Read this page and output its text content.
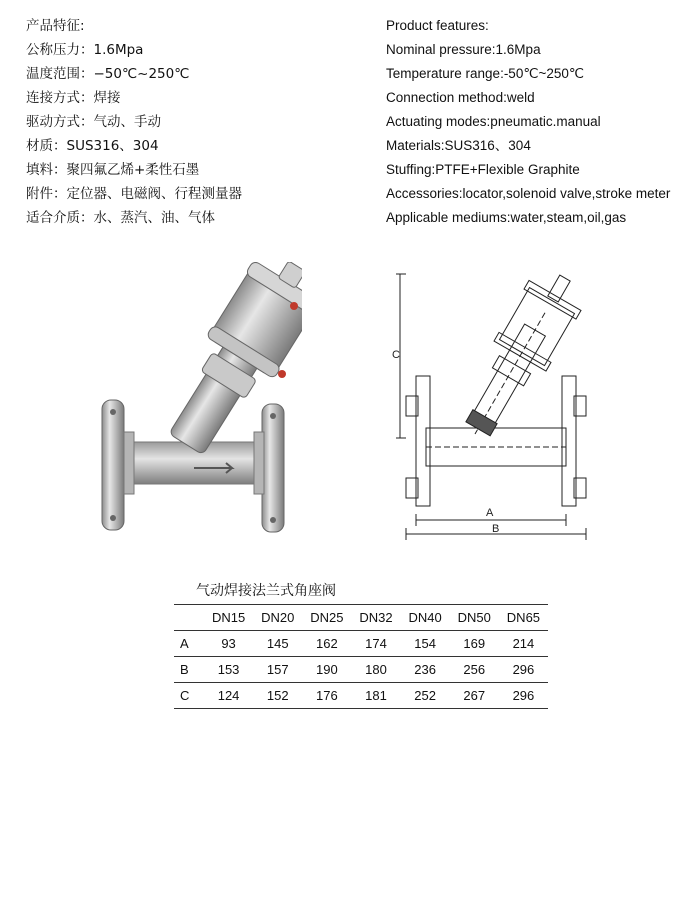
产品特征:
公称压力：1.6Mpa
温度范围：−50℃~250℃
连接方式：焊接
驱动方式：气动、手动
材质：SUS316、304
填料：聚四氟乙烯+柔性石墨
附件：定位器、电磁阀、行程测量器
适合介质：水、蒸汽、油、气体
Product features:
Nominal pressure:1.6Mpa
Temperature range:-50℃~250℃
Connection method:weld
Actuating modes:pneumatic.manual
Materials:SUS316、304
Stuffing:PTFE+Flexible Graphite
Accessories:locator,solenoid valve,stroke meter
Applicable mediums:water,steam,oil,gas
C
A
B
气动焊接法兰式角座阀
	DN15	DN20	DN25	DN32	DN40	DN50	DN65
A	93	145	162	174	154	169	214
B	153	157	190	180	236	256	296
C	124	152	176	181	252	267	296
